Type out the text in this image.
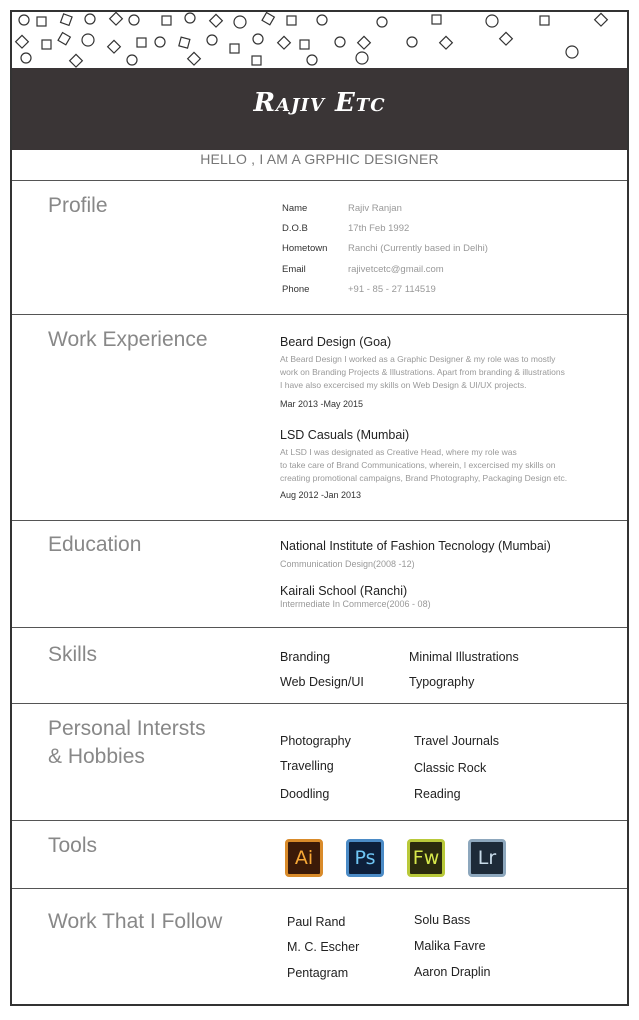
Rajiv Etc
HELLO , I AM A GRPHIC DESIGNER
Profile	Name	Rajiv Ranjan
D.O.B	17th Feb 1992
Hometown Ranchi (Currently based in Delhi)
Email	rajivetcetc@gmail.com
Phone	+91 - 85 - 27 114519
Work Experience	Beard Design (Goa)
At Beard Design I worked as a Graphic Designer & my role was to mostly
work on Branding Projects & Illustrations. Apart from branding & illustrations
I have also excercised my skills on Web Design & UI/UX projects.
Mar 2013 -May 2015
LSD Casuals (Mumbai)
At LSD I was designated as Creative Head, where my role was
to take care of Brand Communications, wherein, I excercised my skills on
creating promotional campaigns, Brand Photography, Packaging Design etc.
Aug 2012 -Jan 2013
Education	National Institute of Fashion Tecnology (Mumbai)
Communication Design(2008 -12)
Kairali School (Ranchi)
Intermediate In Commerce(2006 - 08)
Skills	Branding	Minimal Illustrations
Web Design/UI	Typography
Personal Intersts
& Hobbies
Photography	Travel Journals
Travelling	Classic Rock
Doodling	Reading
Tools
Ai	Ps	Fw	Lr
Work That I Follow	Paul Rand	Solu Bass
M. C. Escher	Malika Favre
Pentagram	Aaron Draplin
